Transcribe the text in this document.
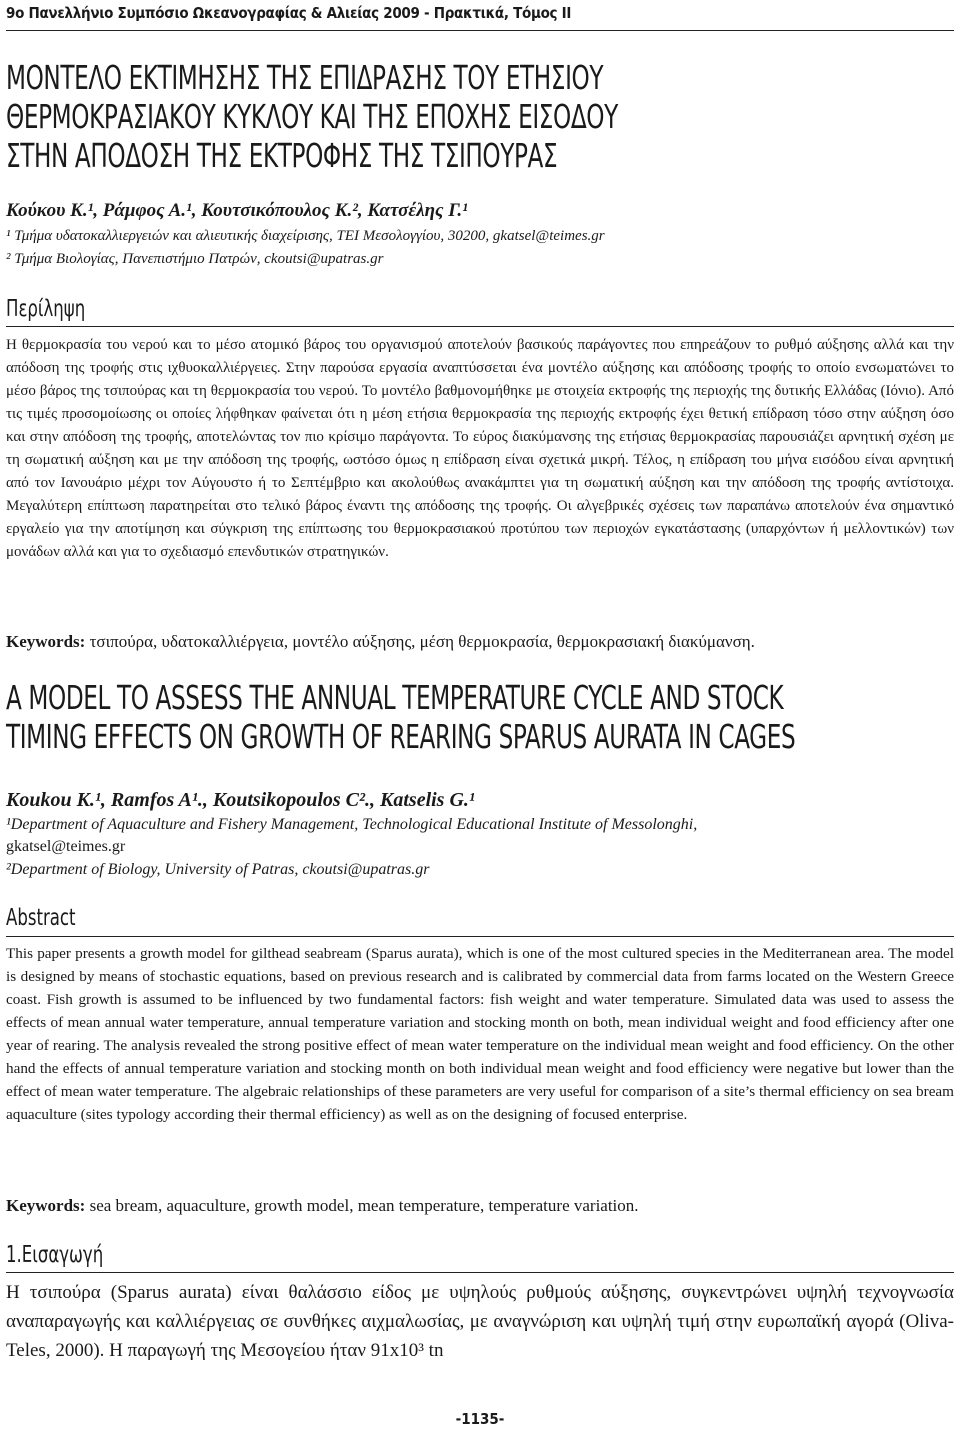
9ο Πανελλήνιο Συμπόσιο Ωκεανογραφίας & Αλιείας 2009 - Πρακτικά, Τόμος ΙΙ
ΜΟΝΤΕΛΟ ΕΚΤΙΜΗΣΗΣ ΤΗΣ ΕΠΙΔΡΑΣΗΣ ΤΟΥ ΕΤΗΣΙΟΥ
ΘΕΡΜΟΚΡΑΣΙΑΚΟΥ ΚΥΚΛΟΥ ΚΑΙ ΤΗΣ ΕΠΟΧΗΣ ΕΙΣΟΔΟΥ
ΣΤΗΝ ΑΠΟΔΟΣΗ ΤΗΣ ΕΚΤΡΟΦΗΣ ΤΗΣ ΤΣΙΠΟΥΡΑΣ
Κούκου Κ.¹, Ράμφος Α.¹, Κουτσικόπουλος Κ.², Κατσέλης Γ.¹
¹ Τμήμα υδατοκαλλιεργειών και αλιευτικής διαχείρισης, ΤΕΙ Μεσολογγίου, 30200, gkatsel@teimes.gr
² Τμήμα Βιολογίας, Πανεπιστήμιο Πατρών, ckoutsi@upatras.gr
Περίληψη
Η θερμοκρασία του νερού και το μέσο ατομικό βάρος του οργανισμού αποτελούν βασικούς παράγοντες που επηρεάζουν το ρυθμό αύξησης αλλά και την απόδοση της τροφής στις ιχθυοκαλλιέργειες. Στην παρούσα εργασία αναπτύσσεται ένα μοντέλο αύξησης και απόδοσης τροφής το οποίο ενσωματώνει το μέσο βάρος της τσιπούρας και τη θερμοκρασία του νερού. Το μοντέλο βαθμονομήθηκε με στοιχεία εκτροφής της περιοχής της δυτικής Ελλάδας (Ιόνιο). Από τις τιμές προσομοίωσης οι οποίες λήφθηκαν φαίνεται ότι η μέση ετήσια θερμοκρασία της περιοχής εκτροφής έχει θετική επίδραση τόσο στην αύξηση όσο και στην απόδοση της τροφής, αποτελώντας τον πιο κρίσιμο παράγοντα. Το εύρος διακύμανσης της ετήσιας θερμοκρασίας παρουσιάζει αρνητική σχέση με τη σωματική αύξηση και με την απόδοση της τροφής, ωστόσο όμως η επίδραση είναι σχετικά μικρή. Τέλος, η επίδραση του μήνα εισόδου είναι αρνητική από τον Ιανουάριο μέχρι τον Αύγουστο ή το Σεπτέμβριο και ακολούθως ανακάμπτει για τη σωματική αύξηση και την απόδοση της τροφής αντίστοιχα. Μεγαλύτερη επίπτωση παρατηρείται στο τελικό βάρος έναντι της απόδοσης της τροφής. Οι αλγεβρικές σχέσεις των παραπάνω αποτελούν ένα σημαντικό εργαλείο για την αποτίμηση και σύγκριση της επίπτωσης του θερμοκρασιακού προτύπου των περιοχών εγκατάστασης (υπαρχόντων ή μελλοντικών) των μονάδων αλλά και για το σχεδιασμό επενδυτικών στρατηγικών.
Keywords: τσιπούρα, υδατοκαλλιέργεια, μοντέλο αύξησης, μέση θερμοκρασία, θερμοκρασιακή διακύμανση.
A MODEL TO ASSESS THE ANNUAL TEMPERATURE CYCLE AND STOCK
TIMING EFFECTS ON GROWTH OF REARING SPARUS AURATA IN CAGES
Koukou K.¹, Ramfos A¹., Koutsikopoulos C²., Katselis G.¹
¹Department of Aquaculture and Fishery Management, Technological Educational Institute of Messolonghi,
gkatsel@teimes.gr
²Department of Biology, University of Patras, ckoutsi@upatras.gr
Abstract
This paper presents a growth model for gilthead seabream (Sparus aurata), which is one of the most cultured species in the Mediterranean area. The model is designed by means of stochastic equations, based on previous research and is calibrated by commercial data from farms located on the Western Greece coast. Fish growth is assumed to be influenced by two fundamental factors: fish weight and water temperature. Simulated data was used to assess the effects of mean annual water temperature, annual temperature variation and stocking month on both, mean individual weight and food efficiency after one year of rearing. The analysis revealed the strong positive effect of mean water temperature on the individual mean weight and food efficiency. On the other hand the effects of annual temperature variation and stocking month on both individual mean weight and food efficiency were negative but lower than the effect of mean water temperature. The algebraic relationships of these parameters are very useful for comparison of a site’s thermal efficiency on sea bream aquaculture (sites typology according their thermal efficiency) as well as on the designing of focused enterprise.
Keywords: sea bream, aquaculture, growth model, mean temperature, temperature variation.
1.Εισαγωγή
Η τσιπούρα (Sparus aurata) είναι θαλάσσιο είδος με υψηλούς ρυθμούς αύξησης, συγκεντρώνει υψηλή τεχνογνωσία αναπαραγωγής και καλλιέργειας σε συνθήκες αιχμαλωσίας, με αναγνώριση και υψηλή τιμή στην ευρωπαϊκή αγορά (Oliva-Teles, 2000). Η παραγωγή της Μεσογείου ήταν 91x10³ tn
-1135-
